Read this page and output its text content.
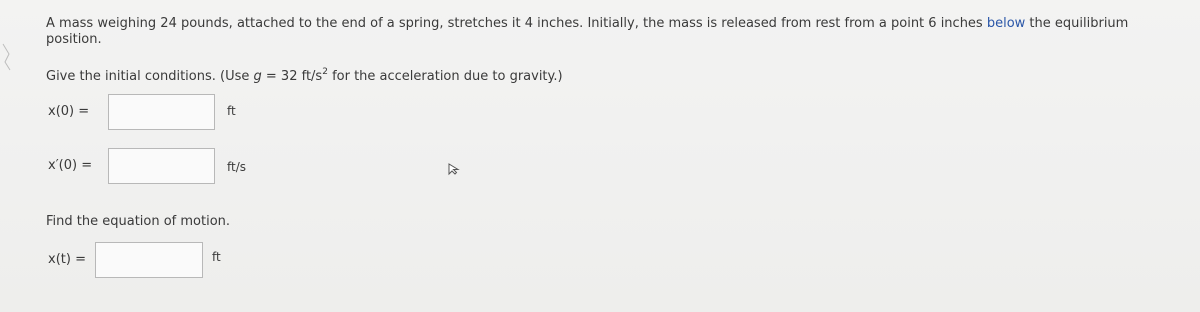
A mass weighing 24 pounds, attached to the end of a spring, stretches it 4 inches. Initially, the mass is released from rest from a point 6 inches below the equilibrium
position.
Give the initial conditions. (Use g = 32 $ft/s^2$ for the acceleration due to gravity.)
x(0) =	ft
x′(0) =	ft/s
Find the equation of motion.
x(t) =	ft
